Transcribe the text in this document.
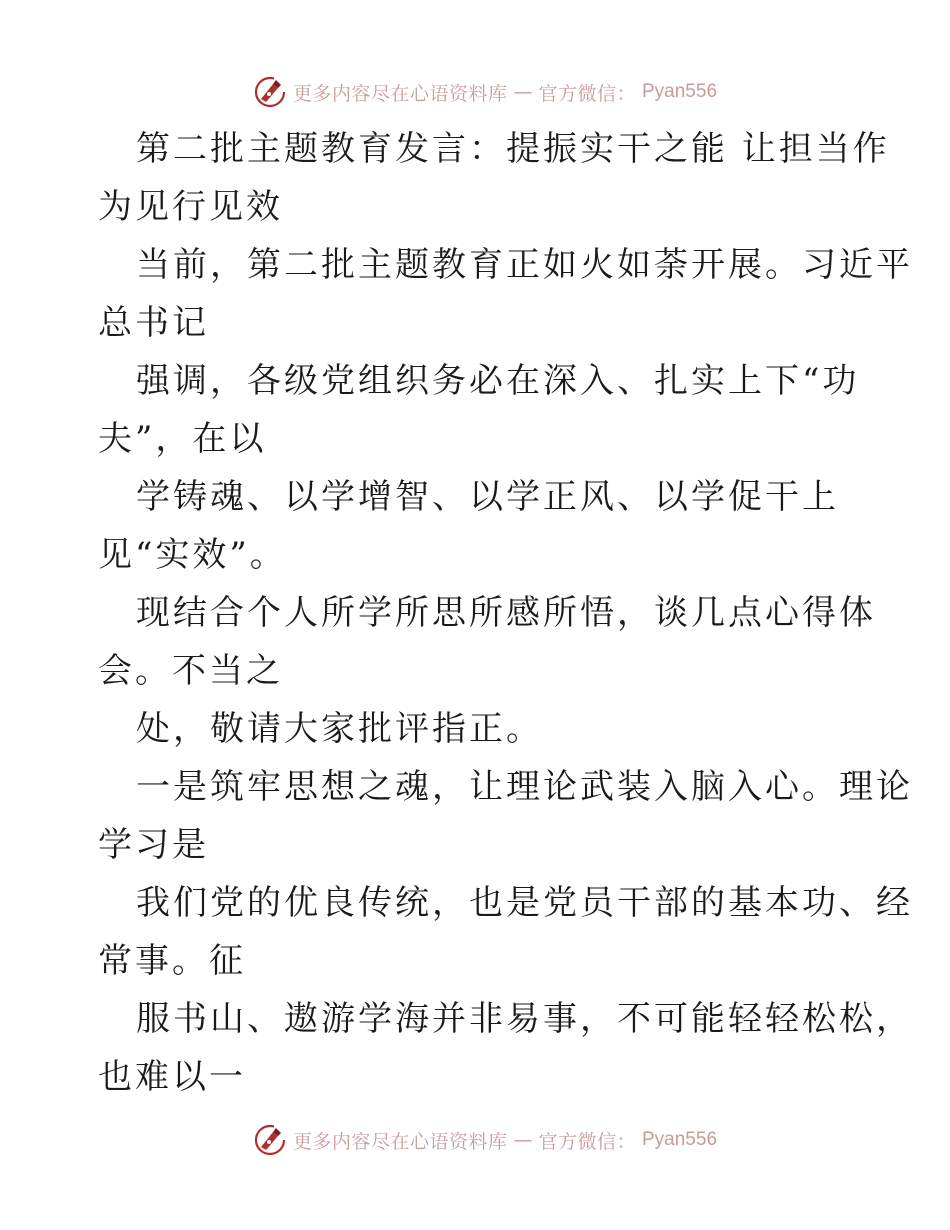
更多内容尽在心语资料库 — 官方微信： Pyan556
第二批主题教育发言：提振实干之能 让担当作
为见行见效
当前，第二批主题教育正如火如荼开展。习近平
总书记
强调，各级党组织务必在深入、扎实上下“功
夫”，在以
学铸魂、以学增智、以学正风、以学促干上
见“实效”。
现结合个人所学所思所感所悟，谈几点心得体
会。不当之
处，敬请大家批评指正。
一是筑牢思想之魂，让理论武装入脑入心。理论
学习是
我们党的优良传统，也是党员干部的基本功、经
常事。征
服书山、遨游学海并非易事，不可能轻轻松松，
也难以一
更多内容尽在心语资料库 — 官方微信： Pyan556
